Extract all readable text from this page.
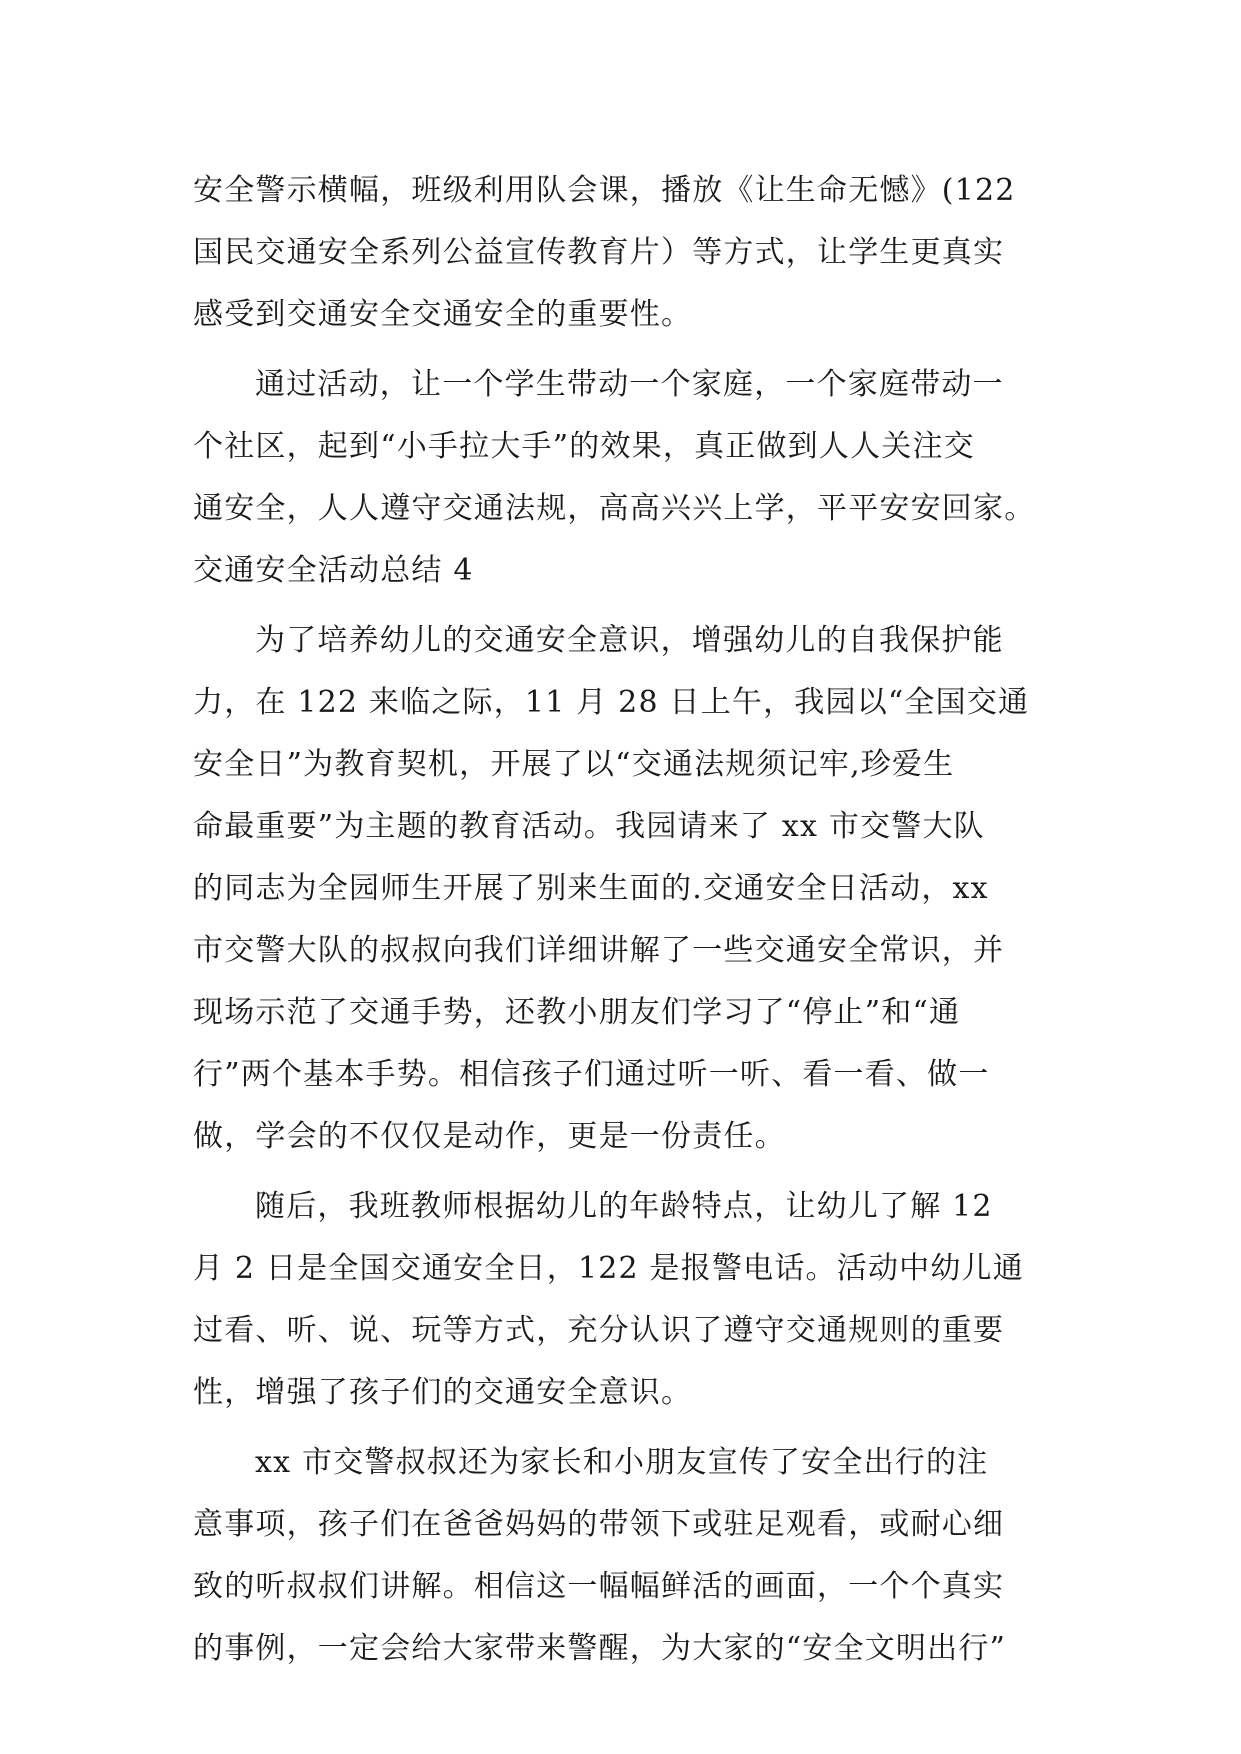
安全警示横幅，班级利用队会课，播放《让生命无憾》(122
国民交通安全系列公益宣传教育片）等方式，让学生更真实
感受到交通安全交通安全的重要性。
通过活动，让一个学生带动一个家庭，一个家庭带动一
个社区，起到“小手拉大手”的效果，真正做到人人关注交
通安全，人人遵守交通法规，高高兴兴上学，平平安安回家。
交通安全活动总结 4
为了培养幼儿的交通安全意识，增强幼儿的自我保护能
力，在 122 来临之际，11 月 28 日上午，我园以“全国交通
安全日”为教育契机，开展了以“交通法规须记牢,珍爱生
命最重要”为主题的教育活动。我园请来了 xx 市交警大队
的同志为全园师生开展了别来生面的.交通安全日活动，xx
市交警大队的叔叔向我们详细讲解了一些交通安全常识，并
现场示范了交通手势，还教小朋友们学习了“停止”和“通
行”两个基本手势。相信孩子们通过听一听、看一看、做一
做，学会的不仅仅是动作，更是一份责任。
随后，我班教师根据幼儿的年龄特点，让幼儿了解 12
月 2 日是全国交通安全日，122 是报警电话。活动中幼儿通
过看、听、说、玩等方式，充分认识了遵守交通规则的重要
性，增强了孩子们的交通安全意识。
xx 市交警叔叔还为家长和小朋友宣传了安全出行的注
意事项，孩子们在爸爸妈妈的带领下或驻足观看，或耐心细
致的听叔叔们讲解。相信这一幅幅鲜活的画面，一个个真实
的事例，一定会给大家带来警醒，为大家的“安全文明出行”
